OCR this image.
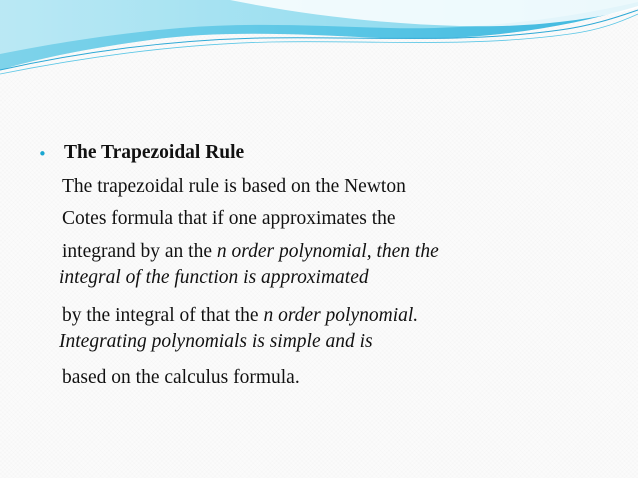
• The Trapezoidal Rule
The trapezoidal rule is based on the Newton
Cotes formula that if one approximates the
integrand by an the n order polynomial, then the
integral of the function is approximated
by the integral of that the n order polynomial.
Integrating polynomials is simple and is
based on the calculus formula.
